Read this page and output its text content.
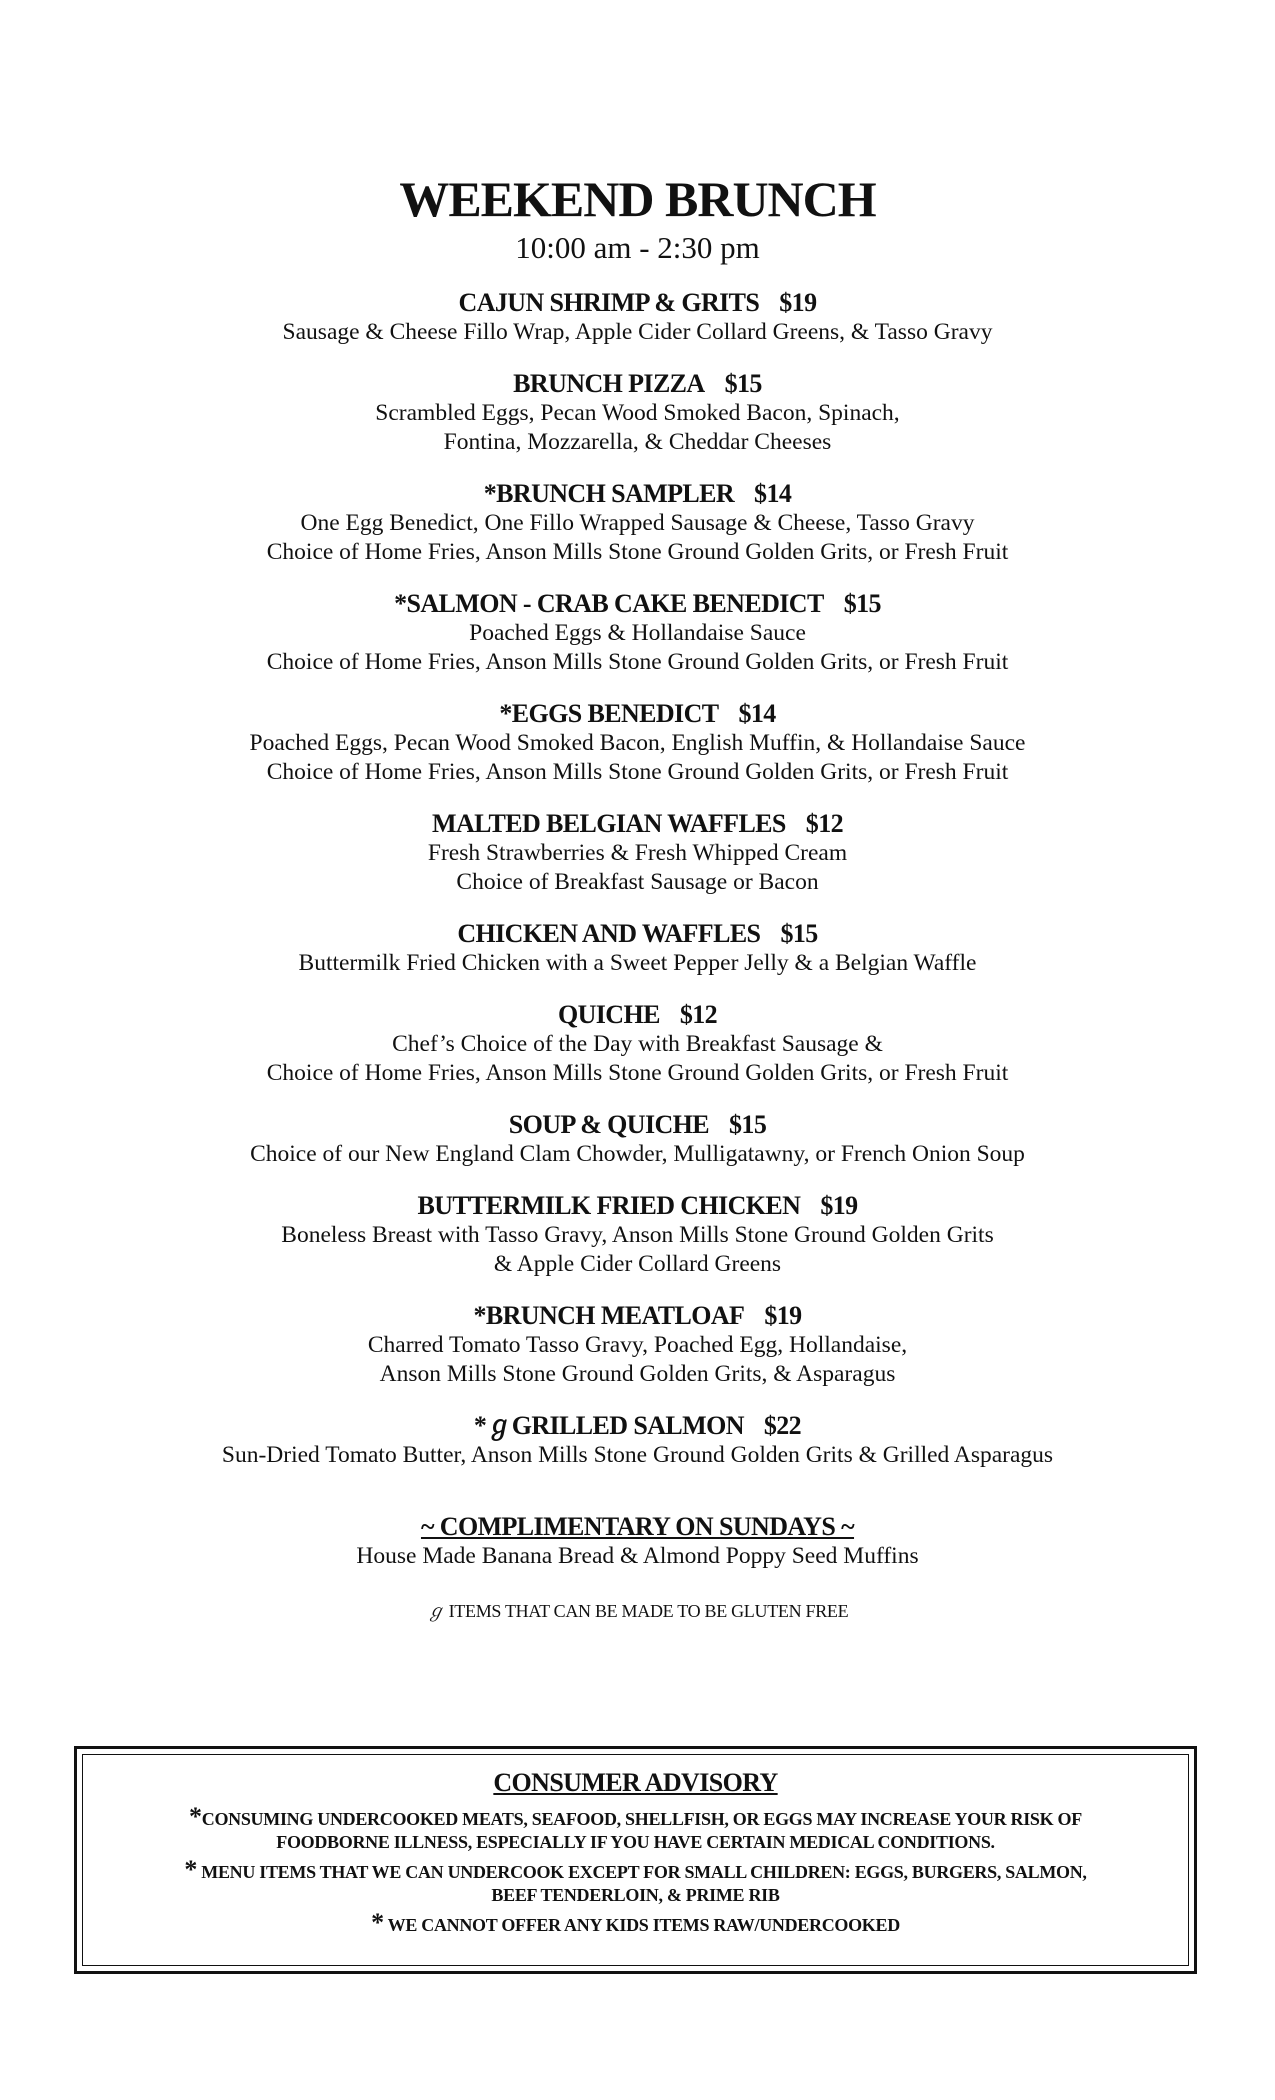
WEEKEND BRUNCH
10:00 am - 2:30 pm
CAJUN SHRIMP & GRITS $19
Sausage & Cheese Fillo Wrap, Apple Cider Collard Greens, & Tasso Gravy
BRUNCH PIZZA $15
Scrambled Eggs, Pecan Wood Smoked Bacon, Spinach,
Fontina, Mozzarella, & Cheddar Cheeses
*BRUNCH SAMPLER $14
One Egg Benedict, One Fillo Wrapped Sausage & Cheese, Tasso Gravy
Choice of Home Fries, Anson Mills Stone Ground Golden Grits, or Fresh Fruit
*SALMON - CRAB CAKE BENEDICT $15
Poached Eggs & Hollandaise Sauce
Choice of Home Fries, Anson Mills Stone Ground Golden Grits, or Fresh Fruit
*EGGS BENEDICT $14
Poached Eggs, Pecan Wood Smoked Bacon, English Muffin, & Hollandaise Sauce
Choice of Home Fries, Anson Mills Stone Ground Golden Grits, or Fresh Fruit
MALTED BELGIAN WAFFLES $12
Fresh Strawberries & Fresh Whipped Cream
Choice of Breakfast Sausage or Bacon
CHICKEN AND WAFFLES $15
Buttermilk Fried Chicken with a Sweet Pepper Jelly & a Belgian Waffle
QUICHE $12
Chef’s Choice of the Day with Breakfast Sausage &
Choice of Home Fries, Anson Mills Stone Ground Golden Grits, or Fresh Fruit
SOUP & QUICHE $15
Choice of our New England Clam Chowder, Mulligatawny, or French Onion Soup
BUTTERMILK FRIED CHICKEN $19
Boneless Breast with Tasso Gravy, Anson Mills Stone Ground Golden Grits
& Apple Cider Collard Greens
*BRUNCH MEATLOAF $19
Charred Tomato Tasso Gravy, Poached Egg, Hollandaise,
Anson Mills Stone Ground Golden Grits, & Asparagus
*ℊGRILLED SALMON $22
Sun-Dried Tomato Butter, Anson Mills Stone Ground Golden Grits & Grilled Asparagus
~ COMPLIMENTARY ON SUNDAYS ~
House Made Banana Bread & Almond Poppy Seed Muffins
ℊ ITEMS THAT CAN BE MADE TO BE GLUTEN FREE
CONSUMER ADVISORY
*CONSUMING UNDERCOOKED MEATS, SEAFOOD, SHELLFISH, OR EGGS MAY INCREASE YOUR RISK OF
FOODBORNE ILLNESS, ESPECIALLY IF YOU HAVE CERTAIN MEDICAL CONDITIONS.
* MENU ITEMS THAT WE CAN UNDERCOOK EXCEPT FOR SMALL CHILDREN: EGGS, BURGERS, SALMON,
BEEF TENDERLOIN, & PRIME RIB
* WE CANNOT OFFER ANY KIDS ITEMS RAW/UNDERCOOKED
